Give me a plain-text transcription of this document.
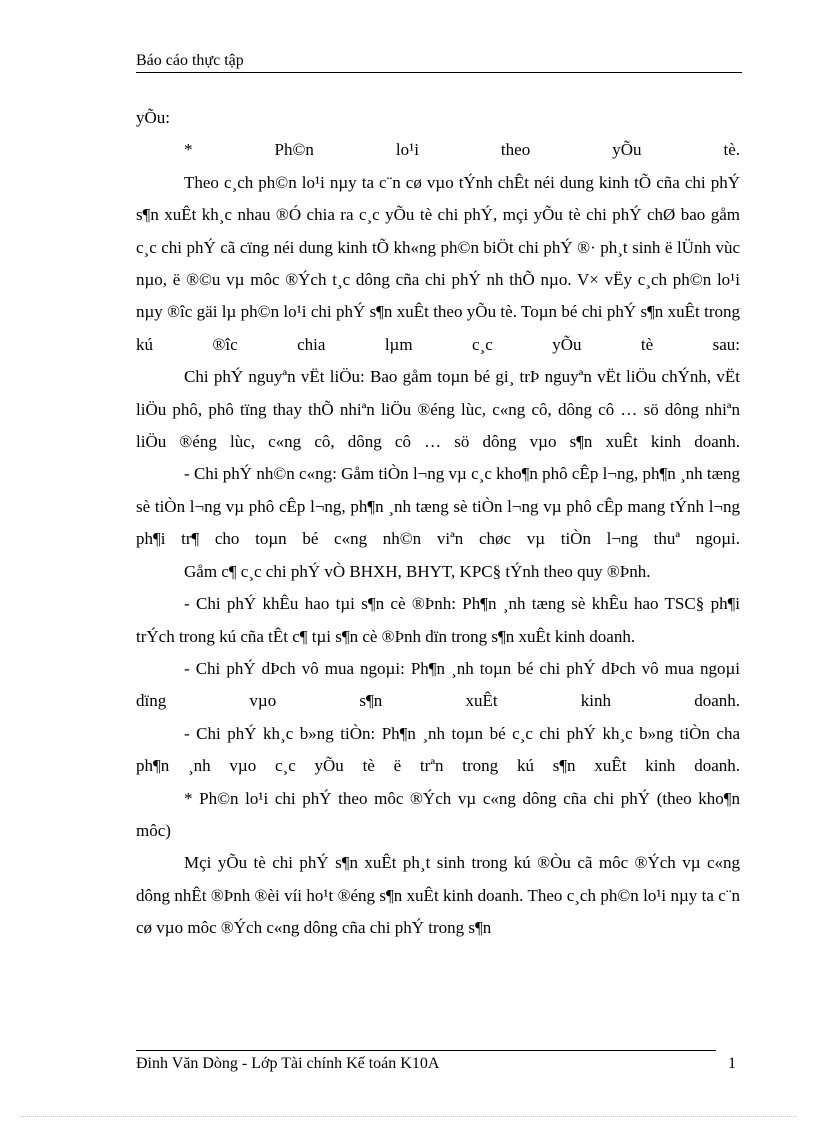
Báo cáo thực tập

yÕu:

* Ph©n lo¹i theo yÕu tè.

Theo c¸ch ph©n lo¹i nµy ta c¨n cø vµo tÝnh chÊt néi dung kinh tÕ cña chi phÝ s¶n xuÊt kh¸c nhau ®Ó chia ra c¸c yÕu tè chi phÝ, mçi yÕu tè chi phÝ chØ bao gåm c¸c chi phÝ cã cïng néi dung kinh tÕ kh«ng ph©n biÖt chi phÝ ®· ph¸t sinh ë lÜnh vùc nµo, ë ®©u vµ môc ®Ých t¸c dông cña chi phÝ nh thÕ nµo. V× vËy c¸ch ph©n lo¹i nµy ®îc gäi lµ ph©n lo¹i chi phÝ s¶n xuÊt theo yÕu tè. Toµn bé chi phÝ s¶n xuÊt trong kú ®îc chia lµm c¸c yÕu tè sau:

Chi phÝ nguyªn vËt liÖu: Bao gåm toµn bé gi¸ trÞ nguyªn vËt liÖu chÝnh, vËt liÖu phô, phô tïng thay thÕ nhiªn liÖu ®éng lùc, c«ng cô, dông cô … sö dông nhiªn liÖu ®éng lùc, c«ng cô, dông cô … sö dông vµo s¶n xuÊt kinh doanh.

- Chi phÝ nh©n c«ng: Gåm tiÒn l¬ng vµ c¸c kho¶n phô cÊp l¬ng, ph¶n ¸nh tæng sè tiÒn l¬ng vµ phô cÊp l¬ng, ph¶n ¸nh tæng sè tiÒn l¬ng vµ phô cÊp mang tÝnh l¬ng ph¶i tr¶ cho toµn bé c«ng nh©n viªn chøc vµ tiÒn l¬ng thuª ngoµi.

Gåm c¶ c¸c chi phÝ vÒ BHXH, BHYT, KPC§ tÝnh theo quy ®Þnh.

- Chi phÝ khÊu hao tµi s¶n cè ®Þnh: Ph¶n ¸nh tæng sè khÊu hao TSC§ ph¶i trÝch trong kú cña tÊt c¶ tµi s¶n cè ®Þnh dïn trong s¶n xuÊt kinh doanh.

- Chi phÝ dÞch vô mua ngoµi: Ph¶n ¸nh toµn bé chi phÝ dÞch vô mua ngoµi dïng vµo s¶n xuÊt kinh doanh.

- Chi phÝ kh¸c b»ng tiÒn: Ph¶n ¸nh toµn bé c¸c chi phÝ kh¸c b»ng tiÒn cha ph¶n ¸nh vµo c¸c yÕu tè ë trªn trong kú s¶n xuÊt kinh doanh.

* Ph©n lo¹i chi phÝ theo môc ®Ých vµ c«ng dông cña chi phÝ (theo kho¶n môc)

Mçi yÕu tè chi phÝ s¶n xuÊt ph¸t sinh trong kú ®Òu cã môc ®Ých vµ c«ng dông nhÊt ®Þnh ®èi víi ho¹t ®éng s¶n xuÊt kinh doanh. Theo c¸ch ph©n lo¹i nµy ta c¨n cø vµo môc ®Ých c«ng dông cña chi phÝ trong s¶n

Đinh Văn Dòng - Lớp Tài chính Kế toán K10A	1
